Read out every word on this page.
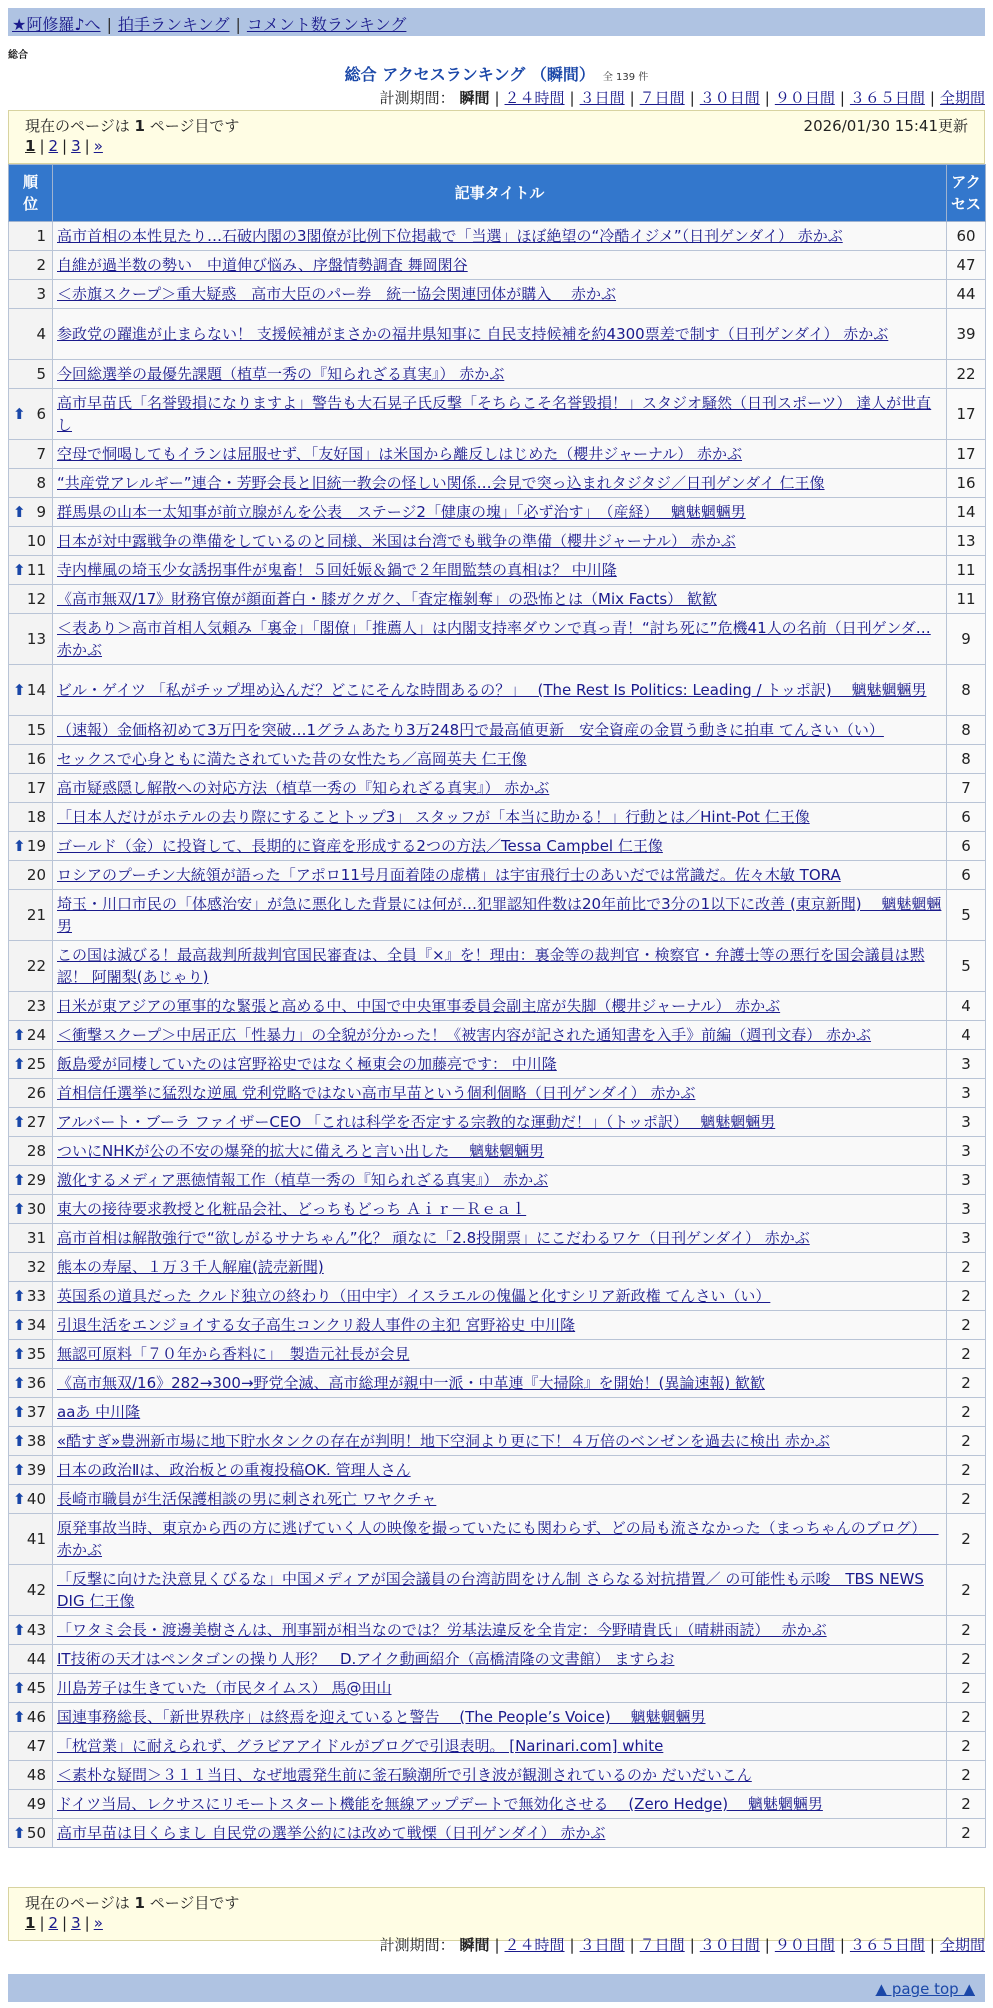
★阿修羅♪へ | 拍手ランキング | コメント数ランキング
総合
総合 アクセスランキング （瞬間） 全 139 件
計測期間： 瞬間 | ２４時間 | ３日間 | ７日間 | ３０日間 | ９０日間 | ３６５日間 | 全期間
現在のページは 1 ページ目です	2026/01/30 15:41更新
1 | 2 | 3 | »
順位	記事タイトル	アクセス
1	高市首相の本性見たり…石破内閣の3閣僚が比例下位掲載で「当選」ほぼ絶望の“冷酷イジメ”（日刊ゲンダイ） 赤かぶ	60
2	自維が過半数の勢い　中道伸び悩み、序盤情勢調査 舞岡閑谷	47
3	＜赤旗スクープ＞重大疑惑　高市大臣のパー券　統一協会関連団体が購入　 赤かぶ	44
4	参政党の躍進が止まらない！ 支援候補がまさかの福井県知事に 自民支持候補を約4300票差で制す（日刊ゲンダイ） 赤かぶ	39
5	今回総選挙の最優先課題（植草一秀の『知られざる真実』） 赤かぶ	22

⬆ 6	高市早苗氏「名誉毀損になりますよ」警告も大石晃子氏反撃「そちらこそ名誉毀損！」スタジオ騒然（日刊スポーツ） 達人が世直し	17
7	空母で恫喝してもイランは屈服せず、「友好国」は米国から離反しはじめた（櫻井ジャーナル） 赤かぶ	17
8	“共産党アレルギー”連合・芳野会長と旧統一教会の怪しい関係…会見で突っ込まれタジタジ／日刊ゲンダイ 仁王像	16

⬆ 9	群馬県の山本一太知事が前立腺がんを公表　ステージ2「健康の塊」「必ず治す」　（産経）　 魑魅魍魎男	14
10	日本が対中露戦争の準備をしているのと同様、米国は台湾でも戦争の準備（櫻井ジャーナル） 赤かぶ	13

⬆ 11	寺内樺風の埼玉少女誘拐事件が鬼畜！５回妊娠＆鍋で２年間監禁の真相は？ 中川隆	11
12	《高市無双/17》財務官僚が顔面蒼白・膝ガクガク、「査定権剝奪」の恐怖とは（Mix Facts） 歓歓	11
13	＜表あり＞高市首相人気頼み「裏金」「閣僚」「推薦人」は内閣支持率ダウンで真っ青！“討ち死に”危機41人の名前（日刊ゲンダ… 赤かぶ	9

⬆ 14	ビル・ゲイツ 「私がチップ埋め込んだ？どこにそんな時間あるの？」　 (The Rest Is Politics: Leading / トッポ訳)　 魑魅魍魎男	8
15	（速報）金価格初めて3万円を突破…1グラムあたり3万248円で最高値更新　安全資産の金買う動きに拍車 てんさい（い）	8
16	セックスで心身ともに満たされていた昔の女性たち／高岡英夫 仁王像	8
17	高市疑惑隠し解散への対応方法（植草一秀の『知られざる真実』） 赤かぶ	7
18	「日本人だけがホテルの去り際にすることトップ3」 スタッフが「本当に助かる！」行動とは／Hint-Pot 仁王像	6

⬆ 19	ゴールド（金）に投資して、長期的に資産を形成する2つの方法／Tessa Campbel 仁王像	6
20	ロシアのプーチン大統領が語った「アポロ11号月面着陸の虚構」は宇宙飛行士のあいだでは常識だ。佐々木敏 TORA	6
21	埼玉・川口市民の「体感治安」が急に悪化した背景には何が…犯罪認知件数は20年前比で3分の1以下に改善 (東京新聞)　 魑魅魍魎男	5
22	この国は滅びる！最高裁判所裁判官国民審査は、全員『×』を！理由：裏金等の裁判官・検察官・弁護士等の悪行を国会議員は黙認！ 阿闍梨(あじゃり)	5
23	日米が東アジアの軍事的な緊張と高める中、中国で中央軍事委員会副主席が失脚（櫻井ジャーナル） 赤かぶ	4

⬆ 24	＜衝撃スクープ＞中居正広「性暴力」の全貌が分かった！《被害内容が記された通知書を入手》前編（週刊文春） 赤かぶ	4

⬆ 25	飯島愛が同棲していたのは宮野裕史ではなく極東会の加藤亮です： 中川隆	3
26	首相信任選挙に猛烈な逆風 党利党略ではない高市早苗という個利個略（日刊ゲンダイ） 赤かぶ	3

⬆ 27	アルバート・ブーラ ファイザーCEO 「これは科学を否定する宗教的な運動だ！」（トッポ訳）　 魑魅魍魎男	3
28	ついにNHKが公の不安の爆発的拡大に備えろと言い出した　 魑魅魍魎男	3

⬆ 29	激化するメディア悪徳情報工作（植草一秀の『知られざる真実』） 赤かぶ	3

⬆ 30	東大の接待要求教授と化粧品会社、どっちもどっち Ａｉｒ－Ｒｅａｌ	3
31	高市首相は解散強行で“欲しがるサナちゃん”化？ 頑なに「2.8投開票」にこだわるワケ（日刊ゲンダイ） 赤かぶ	3
32	熊本の寿屋、１万３千人解雇(読売新聞)	2

⬆ 33	英国系の道具だった クルド独立の終わり（田中宇）イスラエルの傀儡と化すシリア新政権 てんさい（い）	2

⬆ 34	引退生活をエンジョイする女子高生コンクリ殺人事件の主犯 宮野裕史 中川隆	2

⬆ 35	無認可原料「７０年から香料に」　製造元社長が会見	2

⬆ 36	《高市無双/16》282→300→野党全滅、高市総理が親中一派・中革連『大掃除』を開始！(異論速報) 歓歓	2

⬆ 37	aaあ 中川隆	2

⬆ 38	«酷すぎ»豊洲新市場に地下貯水タンクの存在が判明！地下空洞より更に下！４万倍のベンゼンを過去に検出 赤かぶ	2

⬆ 39	日本の政治Ⅱは、政治板との重複投稿OK. 管理人さん	2

⬆ 40	長崎市職員が生活保護相談の男に刺され死亡 ワヤクチャ	2
41	原発事故当時、東京から西の方に逃げていく人の映像を撮っていたにも関わらず、どの局も流さなかった（まっちゃんのブログ）　 赤かぶ	2
42	「反撃に向けた決意見くびるな」中国メディアが国会議員の台湾訪問をけん制 さらなる対抗措置／ の可能性も示唆　TBS NEWS DIG 仁王像	2

⬆ 43	「ワタミ会長・渡邊美樹さんは、刑事罰が相当なのでは？労基法違反を全肯定：今野晴貴氏」（晴耕雨読）　 赤かぶ	2
44	IT技術の天才はペンタゴンの操り人形？　D.アイク動画紹介（高橋清隆の文書館） ますらお	2

⬆ 45	川島芳子は生きていた（市民タイムス） 馬@田山	2

⬆ 46	国連事務総長、「新世界秩序」は終焉を迎えていると警告　 (The People’s Voice)　 魑魅魍魎男	2
47	「枕営業」に耐えられず、グラビアアイドルがブログで引退表明。 [Narinari.com] white	2
48	＜素朴な疑問＞３１１当日、なぜ地震発生前に釜石験潮所で引き波が観測されているのか だいだいこん	2
49	ドイツ当局、レクサスにリモートスタート機能を無線アップデートで無効化させる　 (Zero Hedge)　 魑魅魍魎男	2

⬆ 50	高市早苗は目くらまし 自民党の選挙公約には改めて戦慄（日刊ゲンダイ） 赤かぶ	2
現在のページは 1 ページ目です
1 | 2 | 3 | »
計測期間： 瞬間 | ２４時間 | ３日間 | ７日間 | ３０日間 | ９０日間 | ３６５日間 | 全期間
▲ page top ▲
